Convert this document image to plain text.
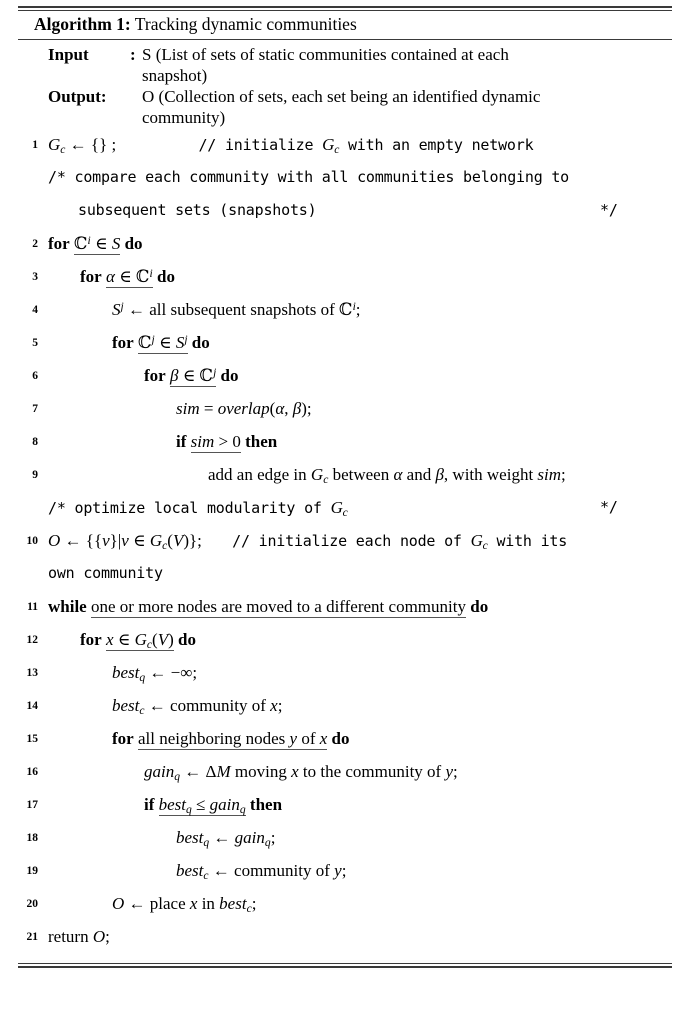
Algorithm 1: Tracking dynamic communities
Input	: S (List of sets of static communities contained at each
snapshot)
Output:	O (Collection of sets, each set being an identified dynamic
community)
1 $G_c$ ← {} ;	// initialize $G_c$ with an empty network
/* compare each community with all communities belonging to
subsequent sets (snapshots)	*/
2 for ℂ$^i$ ∈ S do
3	for α ∈ ℂ$^i$ do
4	$S^j$ ← all subsequent snapshots of ℂ$^i$;
5	for ℂ$^j$ ∈ $S^j$ do
6	for β ∈ ℂ$^j$ do
7	sim = overlap(α, β);
8	if sim > 0 then
9	add an edge in $G_c$ between α and β, with weight sim;
/* optimize local modularity of $G_c$	*/
10 O ← {{v}|v ∈ $G_c(V)$}; // initialize each node of $G_c$ with its
own community
11 while one or more nodes are moved to a different community do
12	for x ∈ $G_c(V)$ do
13	best$_q$ ← −∞;
14	best$_c$ ← community of x;
15	for all neighboring nodes y of x do
16	gain$_q$ ← ΔM moving x to the community of y;
17	if best$_q$ ≤ gain$_q$ then
18	best$_q$ ← gain$_q$;
19	best$_c$ ← community of y;
20	O ← place x in best$_c$;
21 return O;
